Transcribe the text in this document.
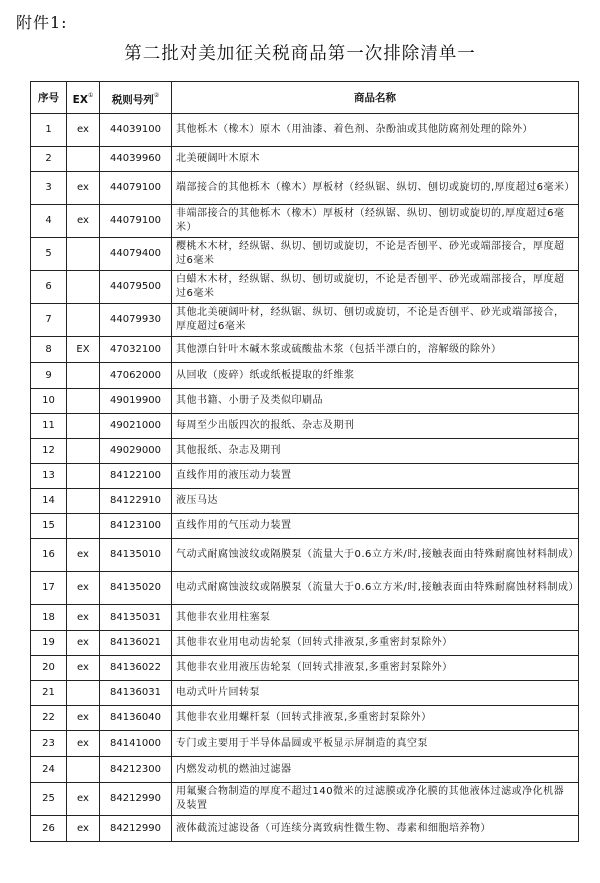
附件1:
第二批对美加征关税商品第一次排除清单一
序号	EX①	税则号列②	商品名称
1	ex	44039100	其他栎木（橡木）原木（用油漆、着色剂、杂酚油或其他防腐剂处理的除外）
2		44039960	北美硬阔叶木原木
3	ex	44079100	端部接合的其他栎木（橡木）厚板材（经纵锯、纵切、刨切或旋切的,厚度超过6毫米）
4	ex	44079100	非端部接合的其他栎木（橡木）厚板材（经纵锯、纵切、刨切或旋切的,厚度超过6毫米）
5		44079400	樱桃木木材，经纵锯、纵切、刨切或旋切，不论是否刨平、砂光或端部接合，厚度超过6毫米
6		44079500	白蜡木木材，经纵锯、纵切、刨切或旋切，不论是否刨平、砂光或端部接合，厚度超过6毫米
7		44079930	其他北美硬阔叶材，经纵锯、纵切、刨切或旋切，不论是否刨平、砂光或端部接合，厚度超过6毫米
8	EX	47032100	其他漂白针叶木碱木浆或硫酸盐木浆（包括半漂白的，溶解级的除外）
9		47062000	从回收（废碎）纸或纸板提取的纤维浆
10		49019900	其他书籍、小册子及类似印刷品
11		49021000	每周至少出版四次的报纸、杂志及期刊
12		49029000	其他报纸、杂志及期刊
13		84122100	直线作用的液压动力装置
14		84122910	液压马达
15		84123100	直线作用的气压动力装置
16	ex	84135010	气动式耐腐蚀波纹或隔膜泵（流量大于0.6立方米/时,接触表面由特殊耐腐蚀材料制成）
17	ex	84135020	电动式耐腐蚀波纹或隔膜泵（流量大于0.6立方米/时,接触表面由特殊耐腐蚀材料制成）
18	ex	84135031	其他非农业用柱塞泵
19	ex	84136021	其他非农业用电动齿轮泵（回转式排液泵,多重密封泵除外）
20	ex	84136022	其他非农业用液压齿轮泵（回转式排液泵,多重密封泵除外）
21		84136031	电动式叶片回转泵
22	ex	84136040	其他非农业用螺杆泵（回转式排液泵,多重密封泵除外）
23	ex	84141000	专门或主要用于半导体晶圆或平板显示屏制造的真空泵
24		84212300	内燃发动机的燃油过滤器
25	ex	84212990	用氟聚合物制造的厚度不超过140微米的过滤膜或净化膜的其他液体过滤或净化机器及装置
26	ex	84212990	液体截流过滤设备（可连续分离致病性微生物、毒素和细胞培养物）
